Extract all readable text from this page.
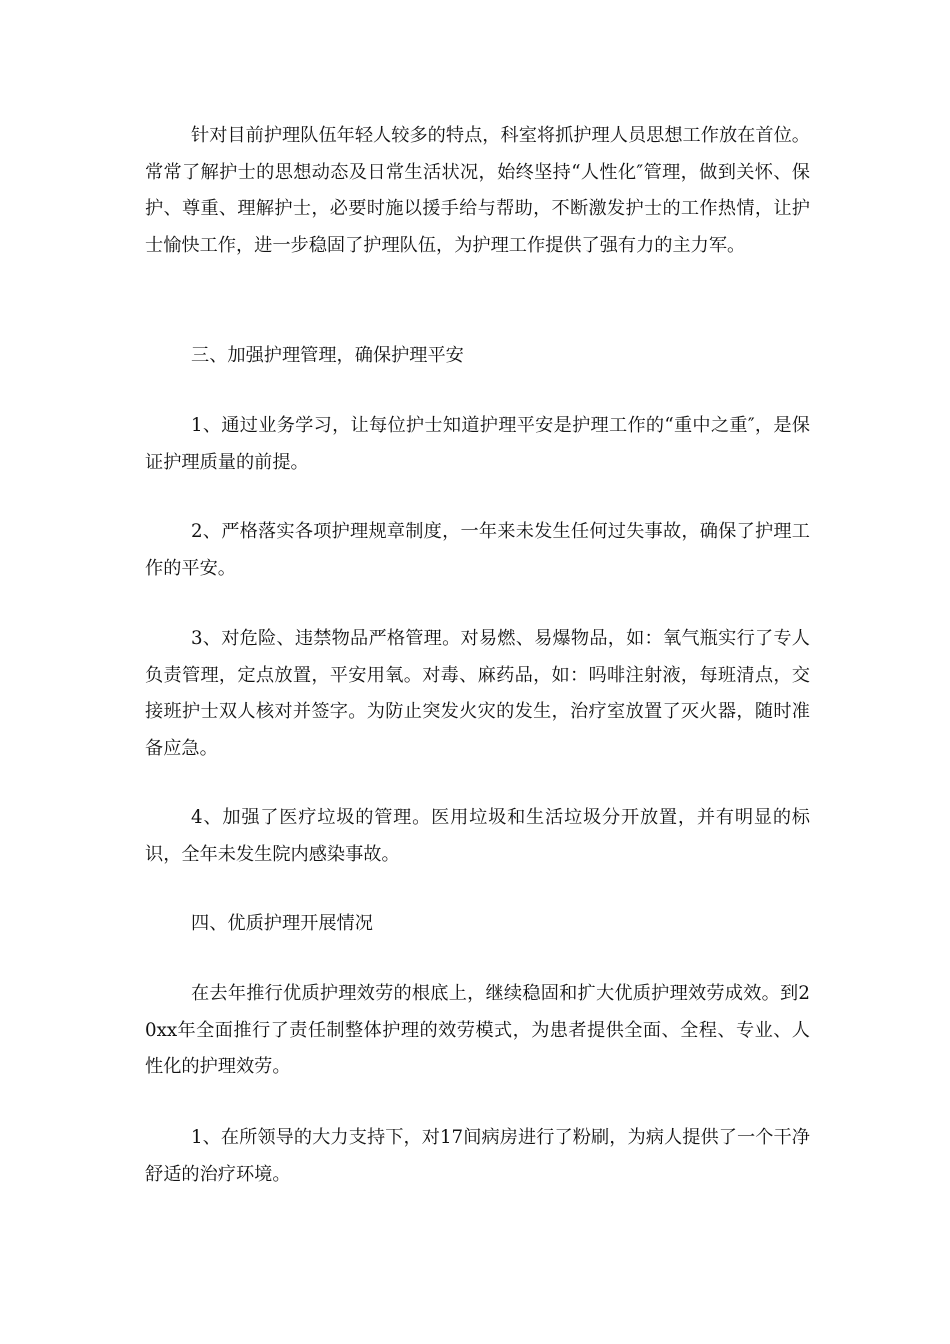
针对目前护理队伍年轻人较多的特点，科室将抓护理人员思想工作放在首位。常常了解护士的思想动态及日常生活状况，始终坚持“人性化″管理，做到关怀、保护、尊重、理解护士，必要时施以援手给与帮助，不断激发护士的工作热情，让护士愉快工作，进一步稳固了护理队伍，为护理工作提供了强有力的主力军。

三、加强护理管理，确保护理平安

1、通过业务学习，让每位护士知道护理平安是护理工作的“重中之重″，是保证护理质量的前提。

2、严格落实各项护理规章制度，一年来未发生任何过失事故，确保了护理工作的平安。

3、对危险、违禁物品严格管理。对易燃、易爆物品，如：氧气瓶实行了专人负责管理，定点放置，平安用氧。对毒、麻药品，如：吗啡注射液，每班清点，交接班护士双人核对并签字。为防止突发火灾的发生，治疗室放置了灭火器，随时准备应急。

4、加强了医疗垃圾的管理。医用垃圾和生活垃圾分开放置，并有明显的标识，全年未发生院内感染事故。

四、优质护理开展情况

在去年推行优质护理效劳的根底上，继续稳固和扩大优质护理效劳成效。到20xx年全面推行了责任制整体护理的效劳模式，为患者提供全面、全程、专业、人性化的护理效劳。

1、在所领导的大力支持下，对17间病房进行了粉刷，为病人提供了一个干净舒适的治疗环境。
